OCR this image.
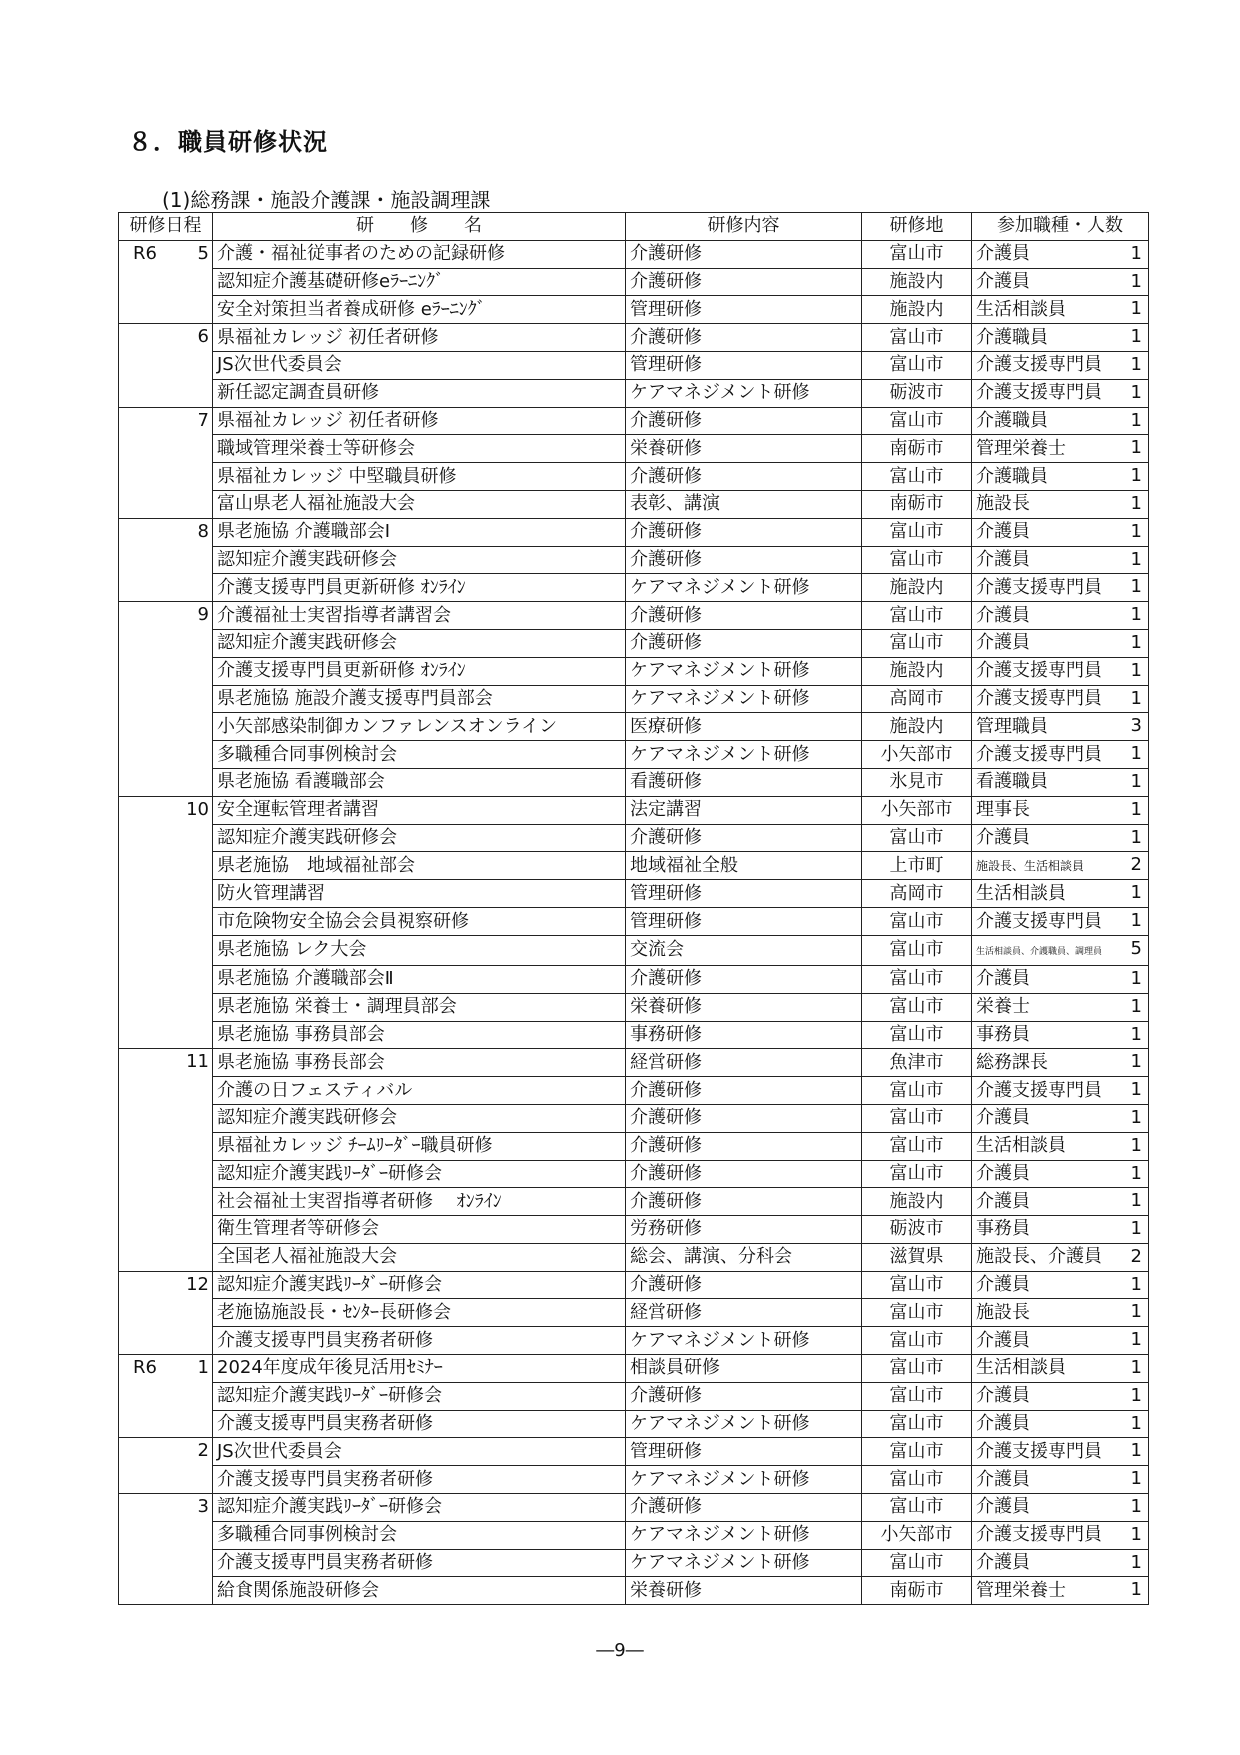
８．職員研修状況
(1)総務課・施設介護課・施設調理課
研修日程	研　　修　　名	研修内容	研修地	参加職種・人数

R6 5	介護・福祉従事者のための記録研修	介護研修	富山市	介護員 1

	認知症介護基礎研修eﾗｰﾆﾝｸﾞ	介護研修	施設内	介護員 1

	安全対策担当者養成研修 eﾗｰﾆﾝｸﾞ	管理研修	施設内	生活相談員 1

6	県福祉カレッジ 初任者研修	介護研修	富山市	介護職員 1

	JS次世代委員会	管理研修	富山市	介護支援専門員 1

	新任認定調査員研修	ケアマネジメント研修	砺波市	介護支援専門員 1

7	県福祉カレッジ 初任者研修	介護研修	富山市	介護職員 1

	職域管理栄養士等研修会	栄養研修	南砺市	管理栄養士 1

	県福祉カレッジ 中堅職員研修	介護研修	富山市	介護職員 1

	富山県老人福祉施設大会	表彰、講演	南砺市	施設長 1

8	県老施協 介護職部会Ⅰ	介護研修	富山市	介護員 1

	認知症介護実践研修会	介護研修	富山市	介護員 1

	介護支援専門員更新研修 ｵﾝﾗｲﾝ	ケアマネジメント研修	施設内	介護支援専門員 1

9	介護福祉士実習指導者講習会	介護研修	富山市	介護員 1

	認知症介護実践研修会	介護研修	富山市	介護員 1

	介護支援専門員更新研修 ｵﾝﾗｲﾝ	ケアマネジメント研修	施設内	介護支援専門員 1

	県老施協 施設介護支援専門員部会	ケアマネジメント研修	高岡市	介護支援専門員 1

	小矢部感染制御カンファレンスオンライン	医療研修	施設内	管理職員 3

	多職種合同事例検討会	ケアマネジメント研修	小矢部市	介護支援専門員 1

	県老施協 看護職部会	看護研修	氷見市	看護職員 1

10	安全運転管理者講習	法定講習	小矢部市	理事長 1

	認知症介護実践研修会	介護研修	富山市	介護員 1

	県老施協　地域福祉部会	地域福祉全般	上市町	施設長、生活相談員 2

	防火管理講習	管理研修	高岡市	生活相談員 1

	市危険物安全協会会員視察研修	管理研修	富山市	介護支援専門員 1

	県老施協 レク大会	交流会	富山市	生活相談員、介護職員、調理員 5

	県老施協 介護職部会Ⅱ	介護研修	富山市	介護員 1

	県老施協 栄養士・調理員部会	栄養研修	富山市	栄養士 1

	県老施協 事務員部会	事務研修	富山市	事務員 1

11	県老施協 事務長部会	経営研修	魚津市	総務課長 1

	介護の日フェスティバル	介護研修	富山市	介護支援専門員 1

	認知症介護実践研修会	介護研修	富山市	介護員 1

	県福祉カレッジ ﾁｰﾑﾘｰﾀﾞｰ職員研修	介護研修	富山市	生活相談員 1

	認知症介護実践ﾘｰﾀﾞｰ研修会	介護研修	富山市	介護員 1

	社会福祉士実習指導者研修　 ｵﾝﾗｲﾝ	介護研修	施設内	介護員 1

	衛生管理者等研修会	労務研修	砺波市	事務員 1

	全国老人福祉施設大会	総会、講演、分科会	滋賀県	施設長、介護員 2

12	認知症介護実践ﾘｰﾀﾞｰ研修会	介護研修	富山市	介護員 1

	老施協施設長・ｾﾝﾀｰ長研修会	経営研修	富山市	施設長 1

	介護支援専門員実務者研修	ケアマネジメント研修	富山市	介護員 1

R6 1	2024年度成年後見活用ｾﾐﾅｰ	相談員研修	富山市	生活相談員 1

	認知症介護実践ﾘｰﾀﾞｰ研修会	介護研修	富山市	介護員 1

	介護支援専門員実務者研修	ケアマネジメント研修	富山市	介護員 1

2	JS次世代委員会	管理研修	富山市	介護支援専門員 1

	介護支援専門員実務者研修	ケアマネジメント研修	富山市	介護員 1

3	認知症介護実践ﾘｰﾀﾞｰ研修会	介護研修	富山市	介護員 1

	多職種合同事例検討会	ケアマネジメント研修	小矢部市	介護支援専門員 1

	介護支援専門員実務者研修	ケアマネジメント研修	富山市	介護員 1

	給食関係施設研修会	栄養研修	南砺市	管理栄養士 1
―9―
